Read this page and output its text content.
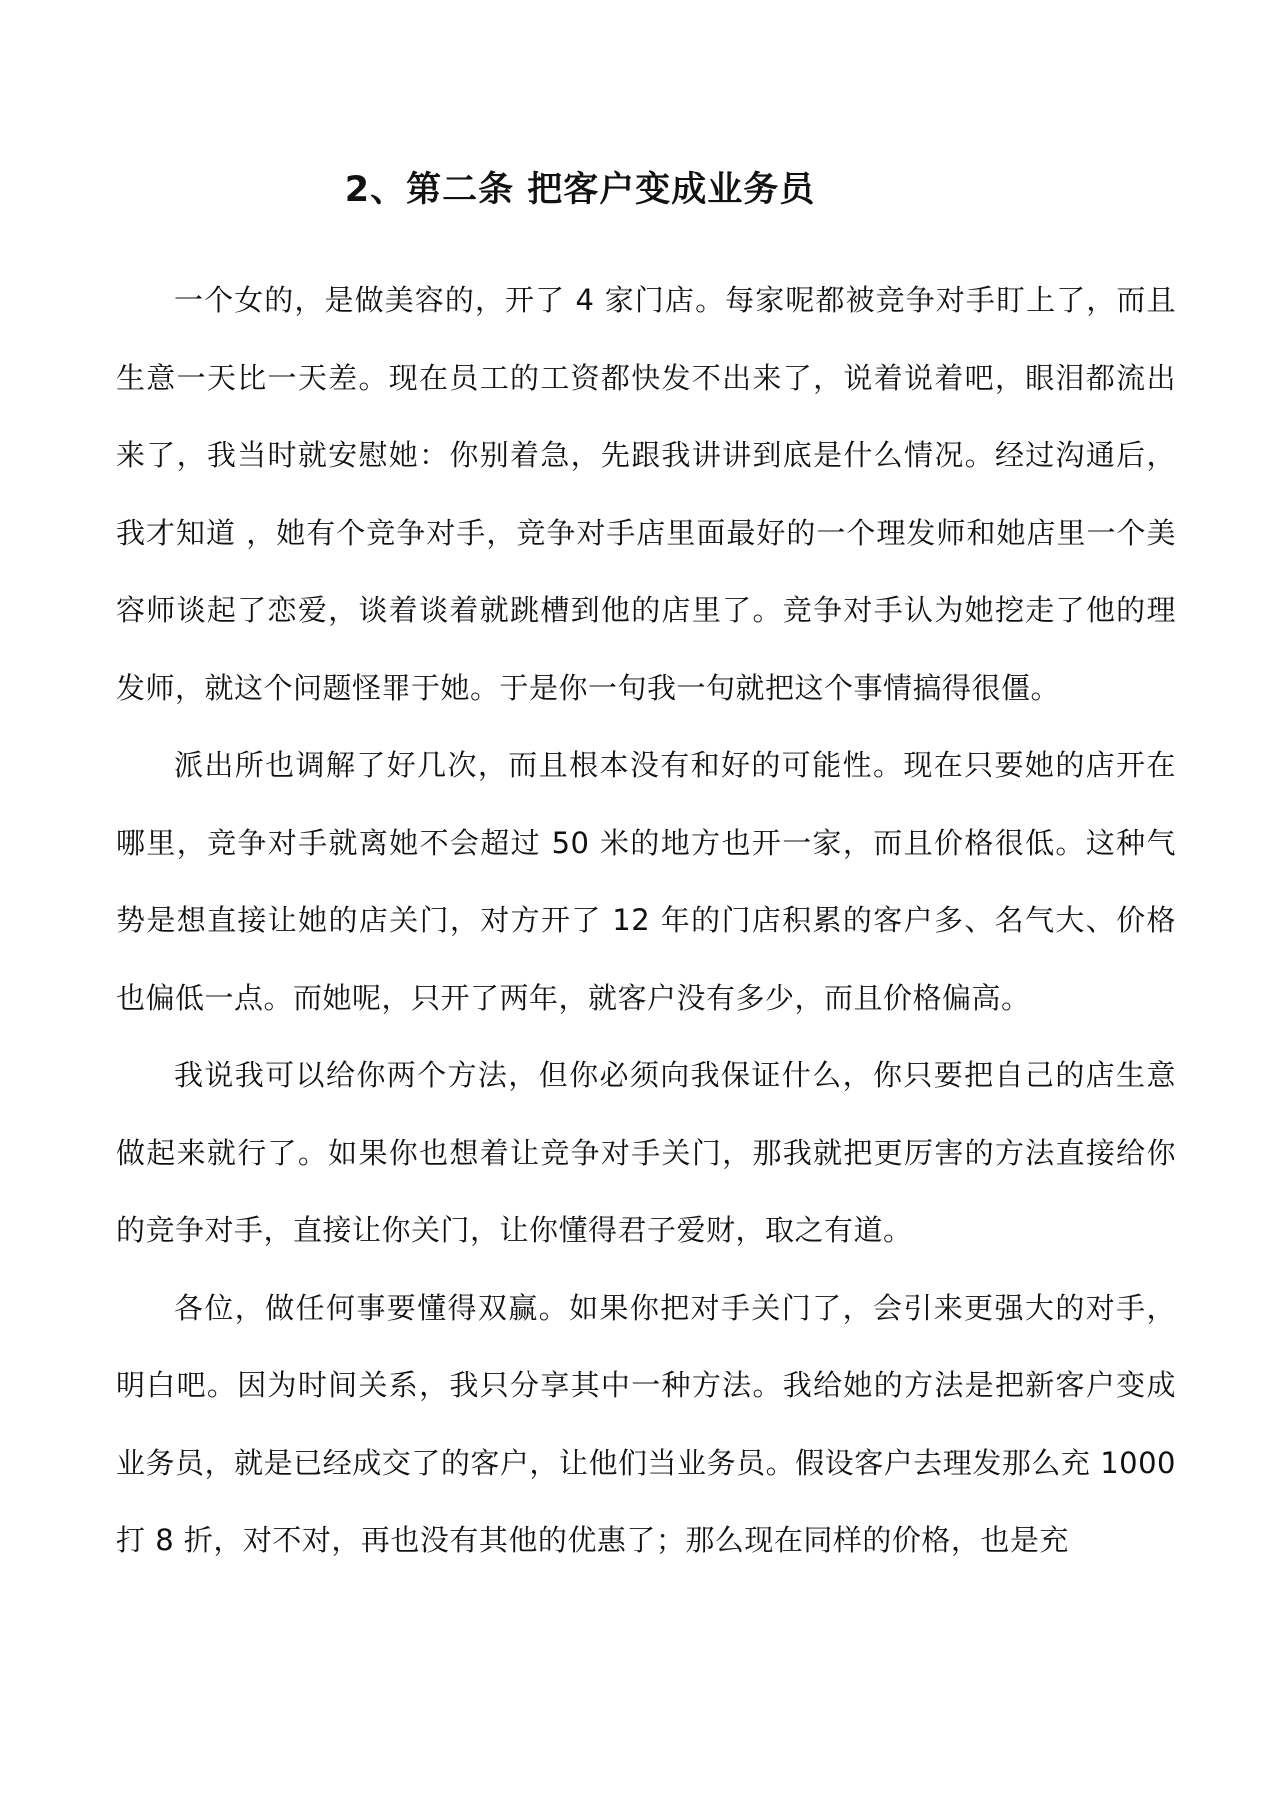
2、第二条 把客户变成业务员

一个女的，是做美容的，开了 4 家门店。每家呢都被竞争对手盯上了，而且生意一天比一天差。现在员工的工资都快发不出来了，说着说着吧，眼泪都流出来了，我当时就安慰她：你别着急，先跟我讲讲到底是什么情况。经过沟通后，我才知道 ，她有个竞争对手，竞争对手店里面最好的一个理发师和她店里一个美容师谈起了恋爱，谈着谈着就跳槽到他的店里了。竞争对手认为她挖走了他的理发师，就这个问题怪罪于她。于是你一句我一句就把这个事情搞得很僵。

派出所也调解了好几次，而且根本没有和好的可能性。现在只要她的店开在哪里，竞争对手就离她不会超过 50 米的地方也开一家，而且价格很低。这种气势是想直接让她的店关门，对方开了 12 年的门店积累的客户多、名气大、价格也偏低一点。而她呢，只开了两年，就客户没有多少，而且价格偏高。

我说我可以给你两个方法，但你必须向我保证什么，你只要把自己的店生意做起来就行了。如果你也想着让竞争对手关门，那我就把更厉害的方法直接给你的竞争对手，直接让你关门，让你懂得君子爱财，取之有道。

各位，做任何事要懂得双赢。如果你把对手关门了，会引来更强大的对手，明白吧。因为时间关系，我只分享其中一种方法。我给她的方法是把新客户变成业务员，就是已经成交了的客户，让他们当业务员。假设客户去理发那么充 1000 打 8 折，对不对，再也没有其他的优惠了；那么现在同样的价格，也是充
